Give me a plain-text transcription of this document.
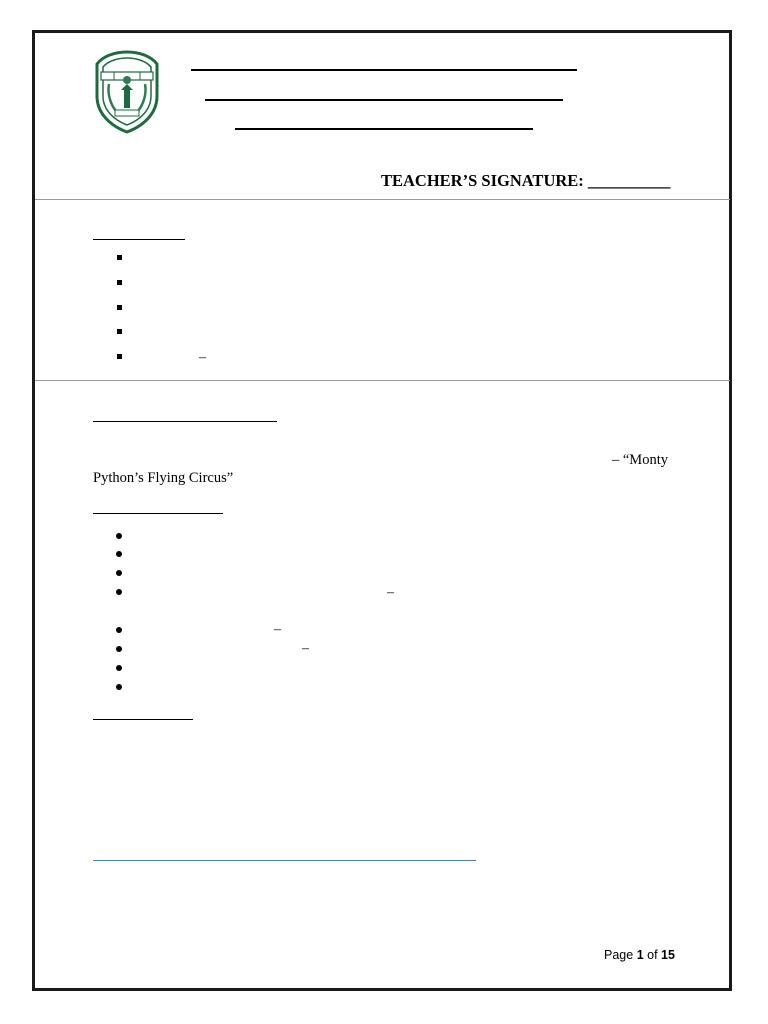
TEACHER’S SIGNATURE: __________
–
– “Monty
Python’s Flying Circus”
–
–
–
Page 1 of 15
